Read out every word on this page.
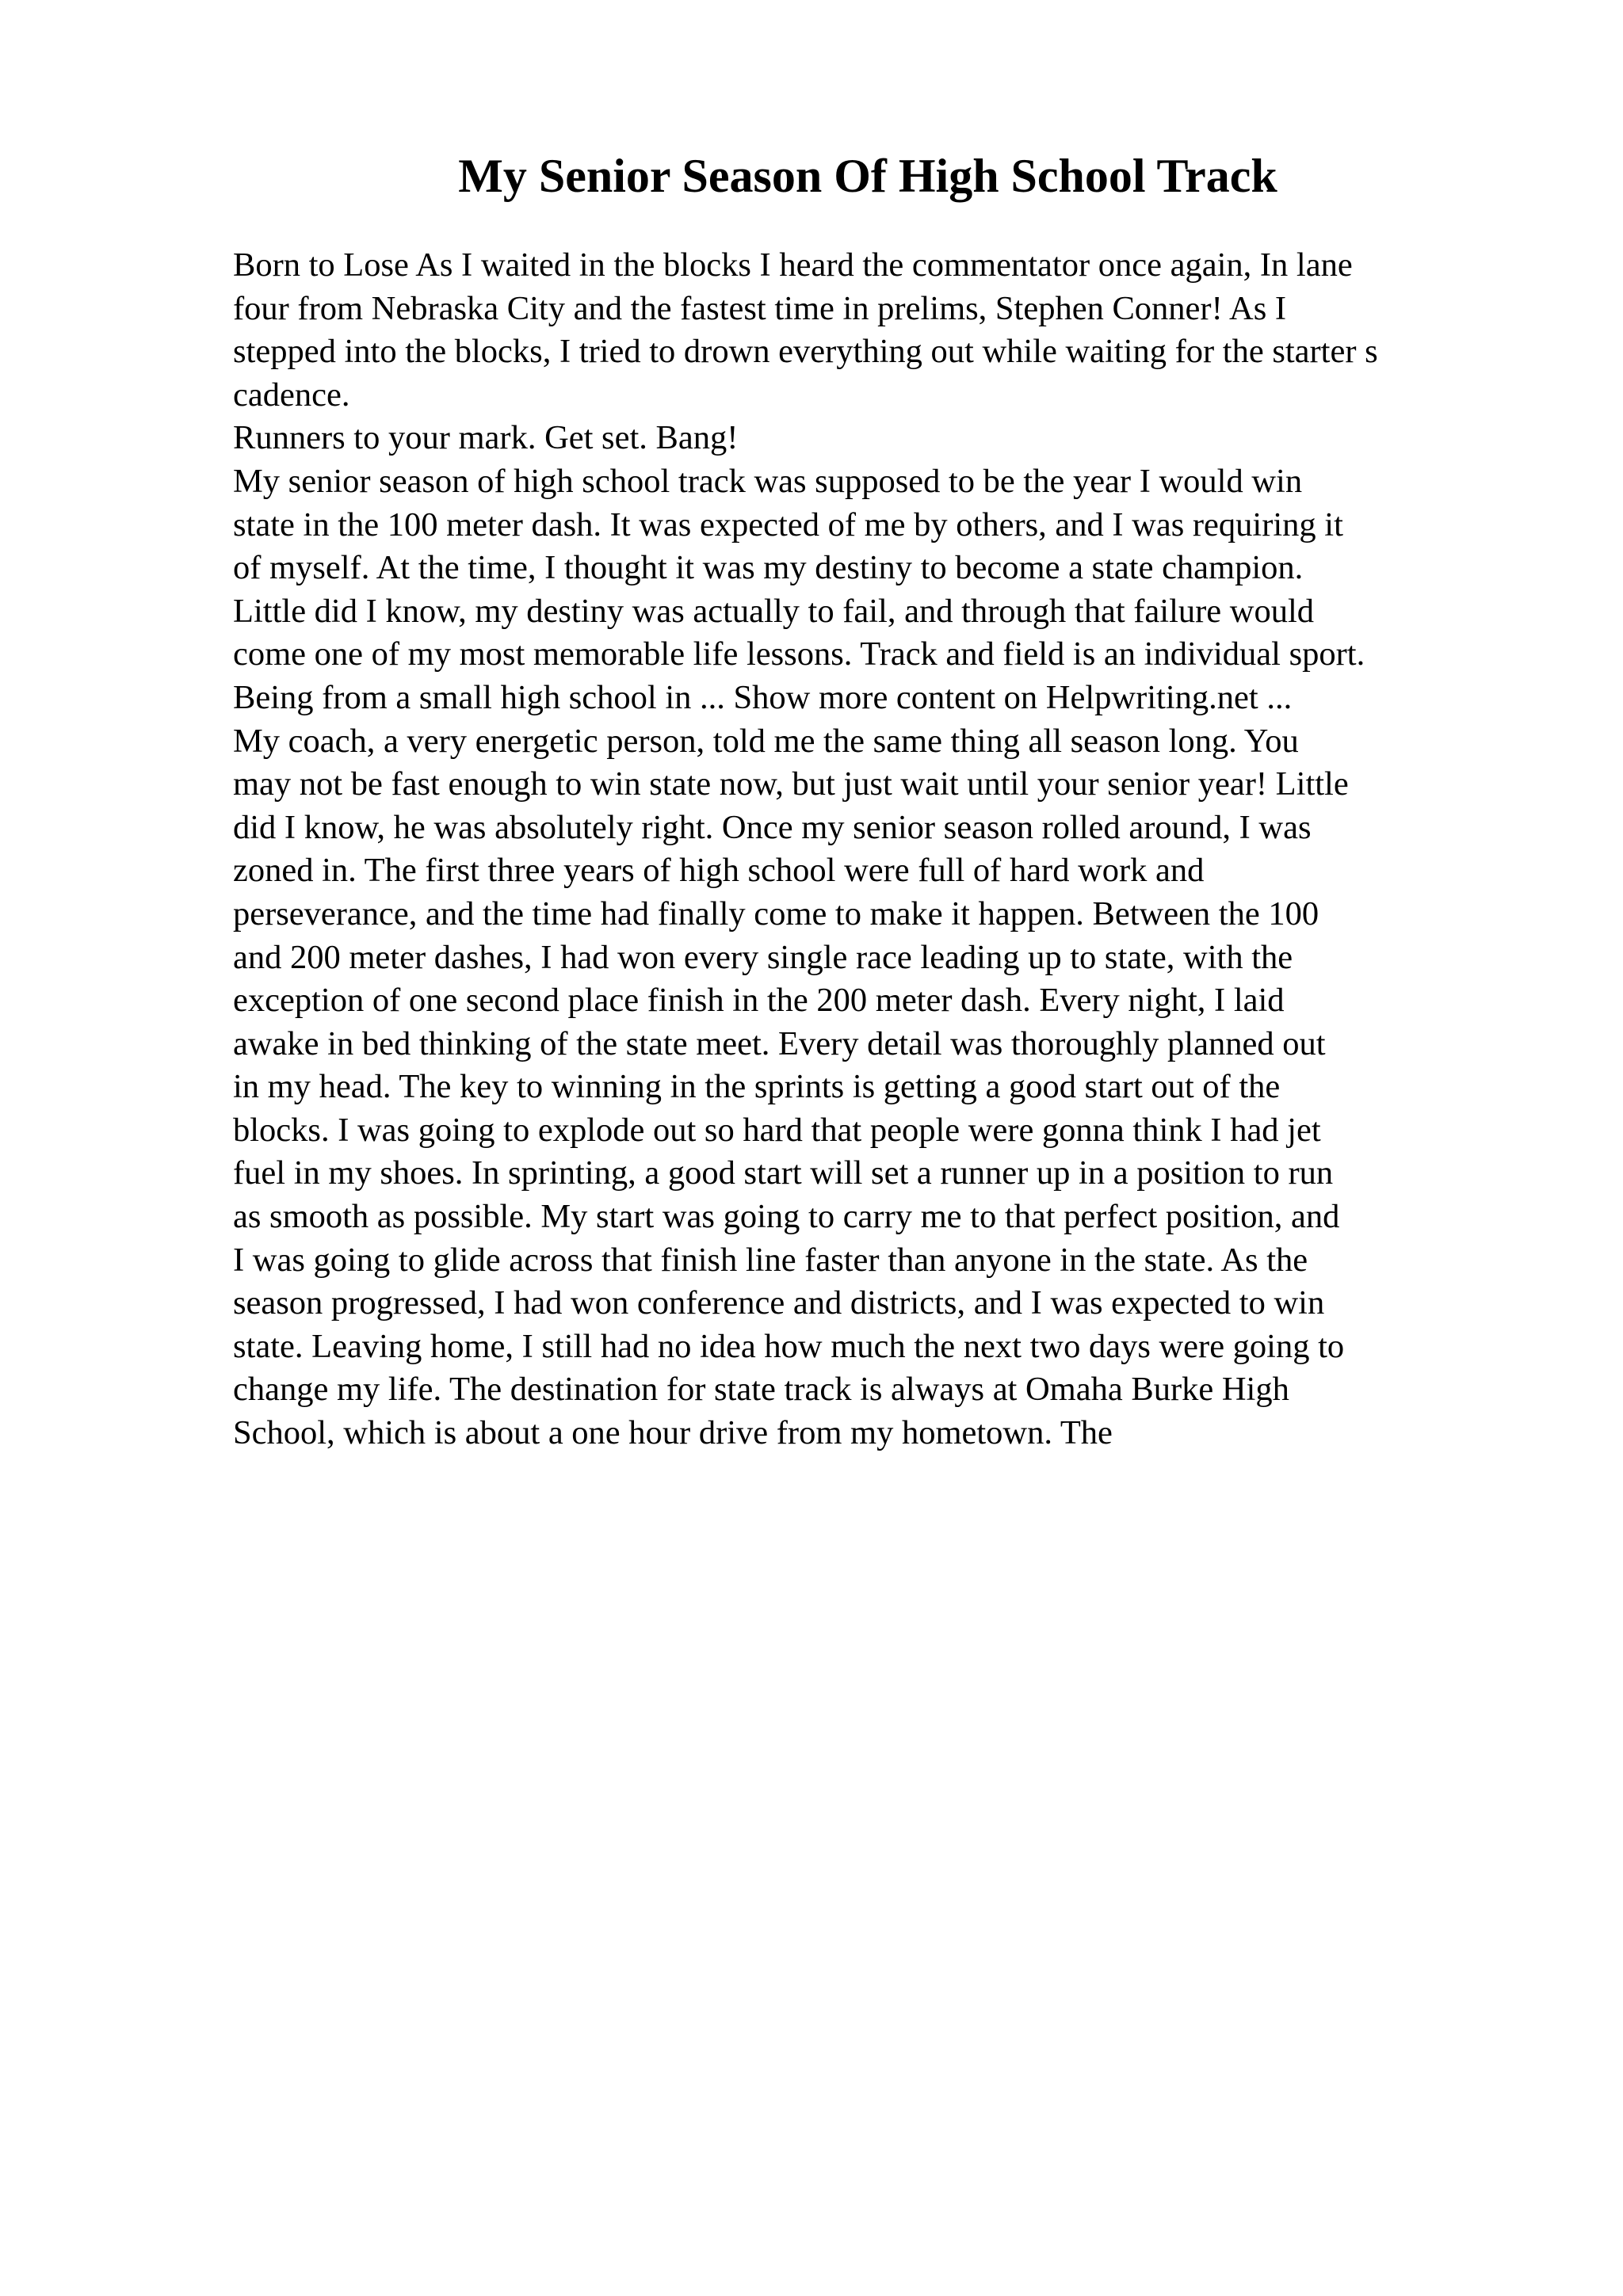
My Senior Season Of High School Track
Born to Lose As I waited in the blocks I heard the commentator once again, In lane
four from Nebraska City and the fastest time in prelims, Stephen Conner! As I
stepped into the blocks, I tried to drown everything out while waiting for the starter s
cadence.
Runners to your mark. Get set. Bang!
My senior season of high school track was supposed to be the year I would win
state in the 100 meter dash. It was expected of me by others, and I was requiring it
of myself. At the time, I thought it was my destiny to become a state champion.
Little did I know, my destiny was actually to fail, and through that failure would
come one of my most memorable life lessons. Track and field is an individual sport.
Being from a small high school in ... Show more content on Helpwriting.net ...
My coach, a very energetic person, told me the same thing all season long. You
may not be fast enough to win state now, but just wait until your senior year! Little
did I know, he was absolutely right. Once my senior season rolled around, I was
zoned in. The first three years of high school were full of hard work and
perseverance, and the time had finally come to make it happen. Between the 100
and 200 meter dashes, I had won every single race leading up to state, with the
exception of one second place finish in the 200 meter dash. Every night, I laid
awake in bed thinking of the state meet. Every detail was thoroughly planned out
in my head. The key to winning in the sprints is getting a good start out of the
blocks. I was going to explode out so hard that people were gonna think I had jet
fuel in my shoes. In sprinting, a good start will set a runner up in a position to run
as smooth as possible. My start was going to carry me to that perfect position, and
I was going to glide across that finish line faster than anyone in the state. As the
season progressed, I had won conference and districts, and I was expected to win
state. Leaving home, I still had no idea how much the next two days were going to
change my life. The destination for state track is always at Omaha Burke High
School, which is about a one hour drive from my hometown. The
